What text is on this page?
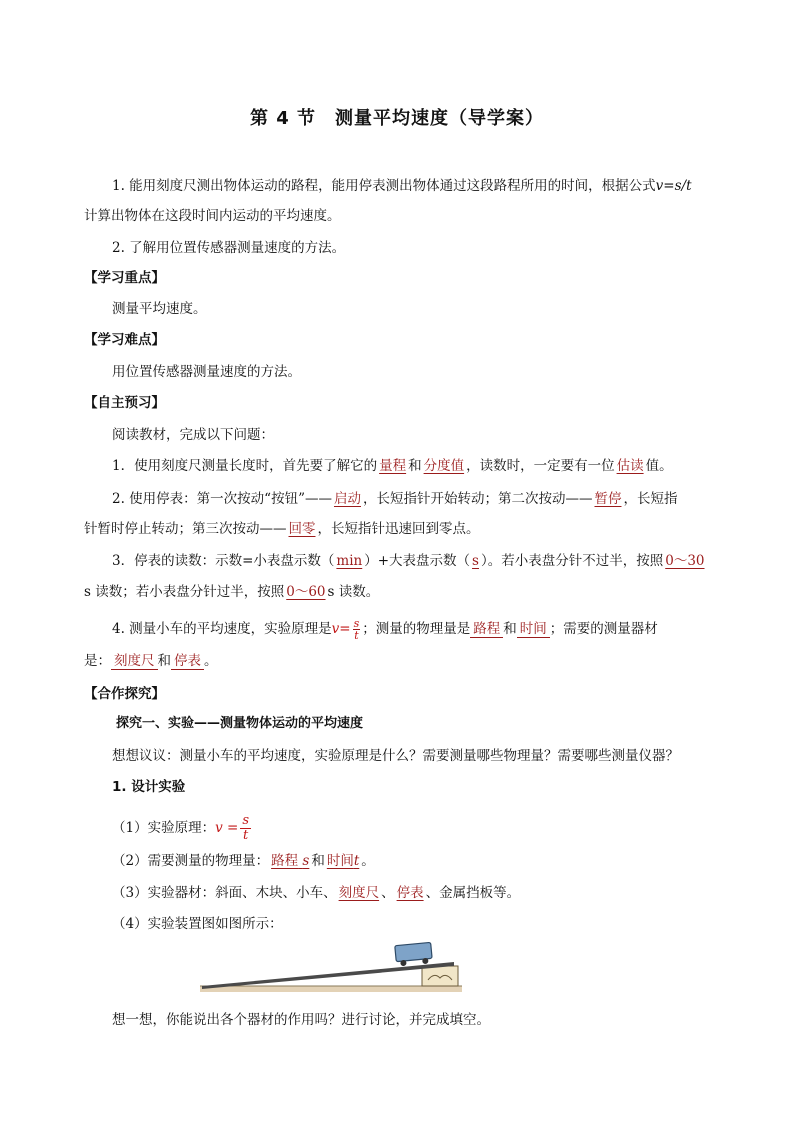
第 4 节　测量平均速度（导学案）
1. 能用刻度尺测出物体运动的路程，能用停表测出物体通过这段路程所用的时间，根据公式v=s/t
计算出物体在这段时间内运动的平均速度。
2. 了解用位置传感器测量速度的方法。
【学习重点】
测量平均速度。
【学习难点】
用位置传感器测量速度的方法。
【自主预习】
阅读教材，完成以下问题：
1．使用刻度尺测量长度时，首先要了解它的 量程 和 分度值 ，读数时，一定要有一位 估读 值。
2. 使用停表：第一次按动“按钮”—— 启动 ，长短指针开始转动；第二次按动—— 暂停 ，长短指
针暂时停止转动；第三次按动—— 回零 ，长短指针迅速回到零点。
3．停表的读数：示数=小表盘示数（ min ）+大表盘示数（ s ）。若小表盘分针不过半，按照 0～30
s 读数；若小表盘分针过半，按照 0～60 s 读数。
4. 测量小车的平均速度，实验原理是$v= \frac{s}{t}$ ；测量的物理量是 路程 和 时间 ；需要的测量器材
是： 刻度尺 和 停表 。
【合作探究】
探究一、实验——测量物体运动的平均速度
想想议议：测量小车的平均速度，实验原理是什么？需要测量哪些物理量？需要哪些测量仪器？
1. 设计实验
（1）实验原理：$v = \frac{s}{t}$
（2）需要测量的物理量： 路程 s 和 时间t 。
（3）实验器材：斜面、木块、小车、 刻度尺 、 停表 、金属挡板等。
（4）实验装置图如图所示：
想一想，你能说出各个器材的作用吗？进行讨论，并完成填空。
